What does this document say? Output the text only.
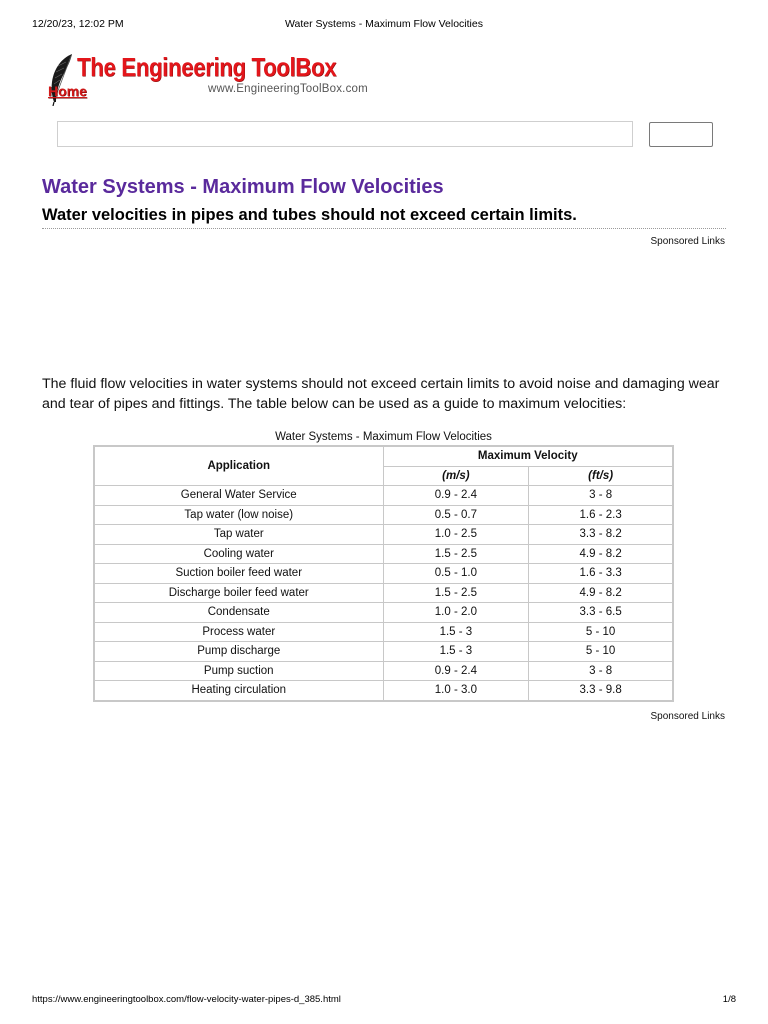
12/20/23, 12:02 PM	Water Systems - Maximum Flow Velocities
The Engineering ToolBox
Home	www.EngineeringToolBox.com
Water Systems - Maximum Flow Velocities
Water velocities in pipes and tubes should not exceed certain limits.
Sponsored Links

The fluid flow velocities in water systems should not exceed certain limits to avoid noise and damaging wear and tear of pipes and fittings. The table below can be used as a guide to maximum velocities:

Water Systems - Maximum Flow Velocities
Application	Maximum Velocity	
	(m/s)	(ft/s)
General Water Service	0.9 - 2.4	3 - 8
Tap water (low noise)	0.5 - 0.7	1.6 - 2.3
Tap water	1.0 - 2.5	3.3 - 8.2
Cooling water	1.5 - 2.5	4.9 - 8.2
Suction boiler feed water	0.5 - 1.0	1.6 - 3.3
Discharge boiler feed water	1.5 - 2.5	4.9 - 8.2
Condensate	1.0 - 2.0	3.3 - 6.5
Process water	1.5 - 3	5 - 10
Pump discharge	1.5 - 3	5 - 10
Pump suction	0.9 - 2.4	3 - 8
Heating circulation	1.0 - 3.0	3.3 - 9.8
Sponsored Links
https://www.engineeringtoolbox.com/flow-velocity-water-pipes-d_385.html	1/8
